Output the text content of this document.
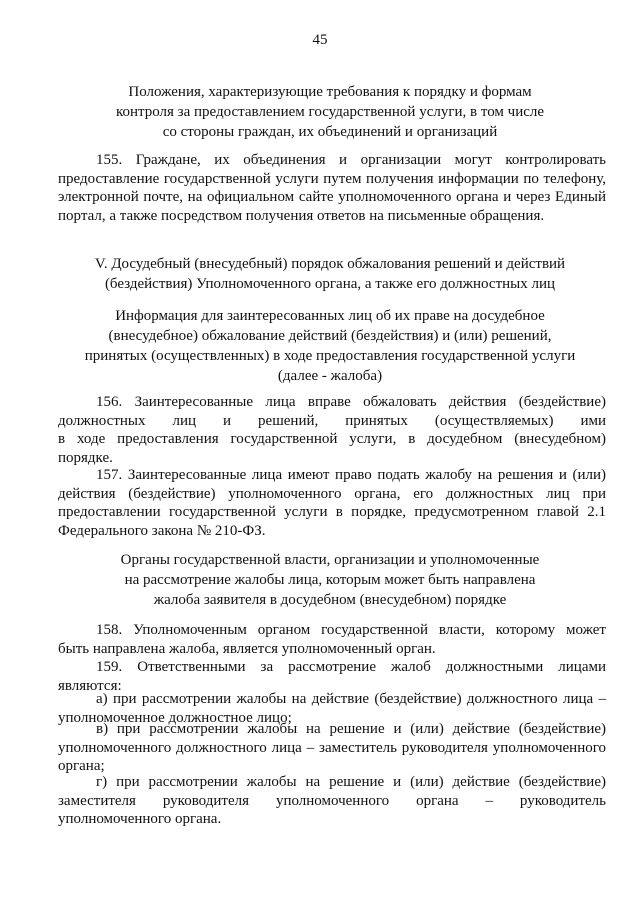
45
Положения, характеризующие требования к порядку и формам
контроля за предоставлением государственной услуги, в том числе
со стороны граждан, их объединений и организаций
155. Граждане, их объединения и организации могут контролировать
предоставление государственной услуги путем получения информации по телефону,
электронной почте, на официальном сайте уполномоченного органа и через Единый
портал, а также посредством получения ответов на письменные обращения.
V. Досудебный (внесудебный) порядок обжалования решений и действий
(бездействия) Уполномоченного органа, а также его должностных лиц
Информация для заинтересованных лиц об их праве на досудебное
(внесудебное) обжалование действий (бездействия) и (или) решений,
принятых (осуществленных) в ходе предоставления государственной услуги
(далее - жалоба)
156. Заинтересованные лица вправе обжаловать действия (бездействие)
должностных лиц и решений, принятых (осуществляемых) ими
в ходе предоставления государственной услуги, в досудебном (внесудебном)
порядке.
157. Заинтересованные лица имеют право подать жалобу на решения и (или)
действия (бездействие) уполномоченного органа, его должностных лиц при
предоставлении государственной услуги в порядке, предусмотренном главой 2.1
Федерального закона № 210-ФЗ.
Органы государственной власти, организации и уполномоченные
на рассмотрение жалобы лица, которым может быть направлена
жалоба заявителя в досудебном (внесудебном) порядке
158. Уполномоченным органом государственной власти, которому может
быть направлена жалоба, является уполномоченный орган.
159. Ответственными за рассмотрение жалоб должностными лицами
являются:
а) при рассмотрении жалобы на действие (бездействие) должностного лица –
уполномоченное должностное лицо;
в) при рассмотрении жалобы на решение и (или) действие (бездействие)
уполномоченного должностного лица – заместитель руководителя уполномоченного
органа;
г) при рассмотрении жалобы на решение и (или) действие (бездействие)
заместителя руководителя уполномоченного органа – руководитель
уполномоченного органа.
